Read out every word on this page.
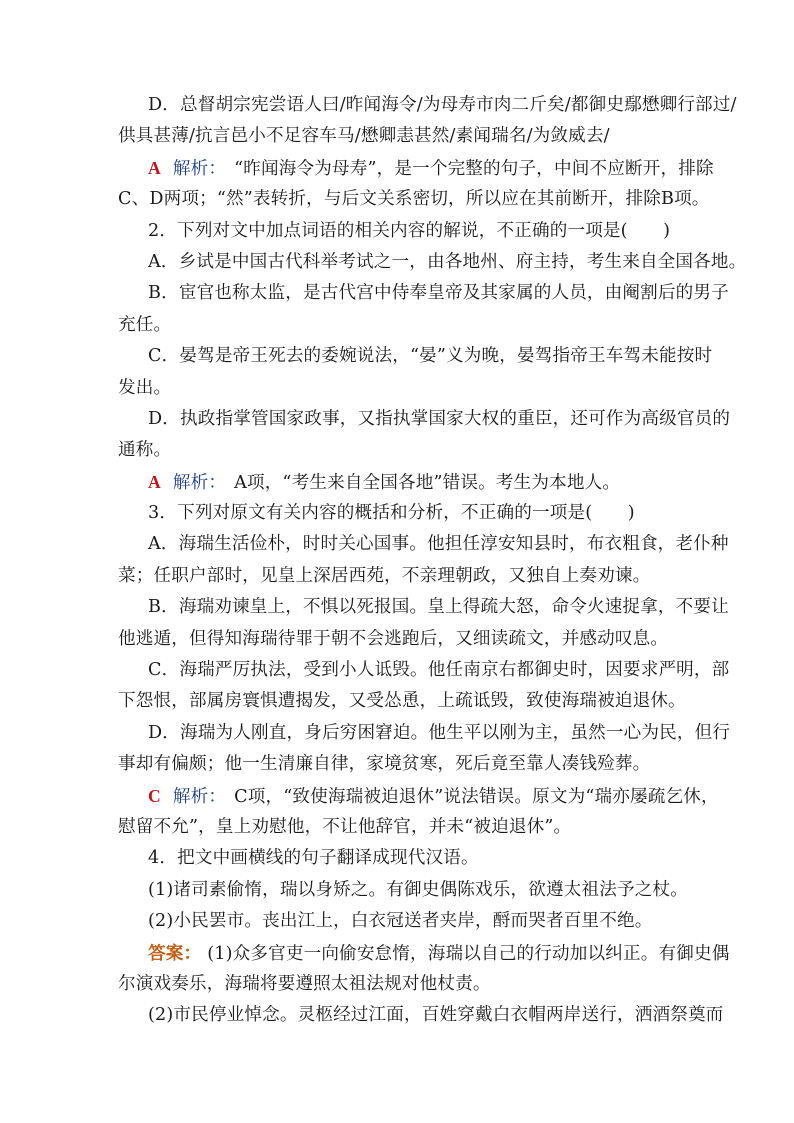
D．总督胡宗宪尝语人曰/昨闻海令/为母寿市肉二斤矣/都御史鄢懋卿行部过/
供具甚薄/抗言邑小不足容车马/懋卿恚甚然/素闻瑞名/为敛威去/
A 解析： “昨闻海令为母寿”，是一个完整的句子，中间不应断开，排除
C、D两项；“然”表转折，与后文关系密切，所以应在其前断开，排除B项。
2．下列对文中加点词语的相关内容的解说，不正确的一项是(　　)
A．乡试是中国古代科举考试之一，由各地州、府主持，考生来自全国各地。
B．宦官也称太监，是古代宫中侍奉皇帝及其家属的人员，由阉割后的男子
充任。
C．晏驾是帝王死去的委婉说法，“晏”义为晚，晏驾指帝王车驾未能按时
发出。
D．执政指掌管国家政事，又指执掌国家大权的重臣，还可作为高级官员的
通称。
A 解析： A项，“考生来自全国各地”错误。考生为本地人。
3．下列对原文有关内容的概括和分析，不正确的一项是(　　)
A．海瑞生活俭朴，时时关心国事。他担任淳安知县时，布衣粗食，老仆种
菜；任职户部时，见皇上深居西苑，不亲理朝政，又独自上奏劝谏。
B．海瑞劝谏皇上，不惧以死报国。皇上得疏大怒，命令火速捉拿，不要让
他逃遁，但得知海瑞待罪于朝不会逃跑后，又细读疏文，并感动叹息。
C．海瑞严厉执法，受到小人诋毁。他任南京右都御史时，因要求严明，部
下怨恨，部属房寰惧遭揭发，又受怂恿，上疏诋毁，致使海瑞被迫退休。
D．海瑞为人刚直，身后穷困窘迫。他生平以刚为主，虽然一心为民，但行
事却有偏颇；他一生清廉自律，家境贫寒，死后竟至靠人凑钱殓葬。
C 解析： C项，“致使海瑞被迫退休”说法错误。原文为“瑞亦屡疏乞休，
慰留不允”，皇上劝慰他，不让他辞官，并未“被迫退休”。
4．把文中画横线的句子翻译成现代汉语。
(1)诸司素偷惰，瑞以身矫之。有御史偶陈戏乐，欲遵太祖法予之杖。
(2)小民罢市。丧出江上，白衣冠送者夹岸，酹而哭者百里不绝。
答案： (1)众多官吏一向偷安怠惰，海瑞以自己的行动加以纠正。有御史偶
尔演戏奏乐，海瑞将要遵照太祖法规对他杖责。
(2)市民停业悼念。灵柩经过江面，百姓穿戴白衣帽两岸送行，洒酒祭奠而
